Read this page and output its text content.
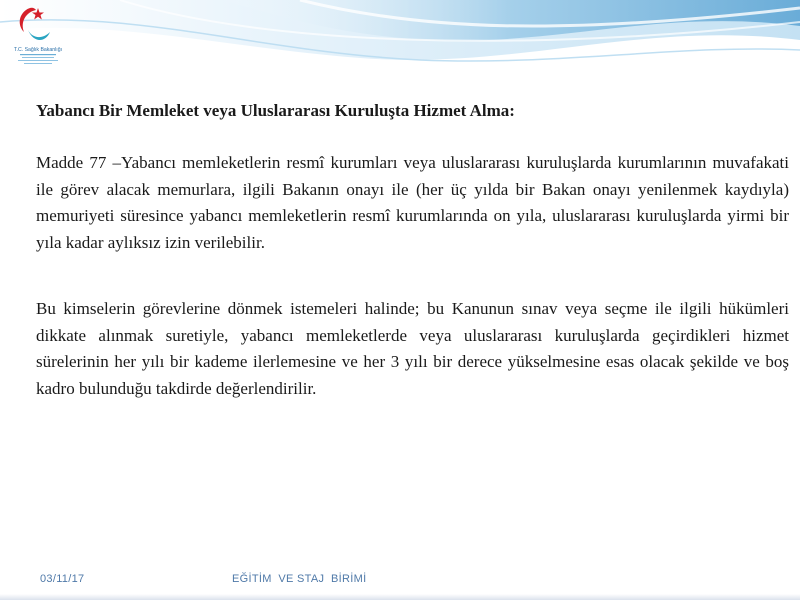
T.C. Sağlık Bakanlığı
Yabancı Bir Memleket veya Uluslararası Kuruluşta Hizmet Alma:

Madde 77 –Yabancı memleketlerin resmî kurumları veya uluslararası kuruluşlarda kurumlarının muvafakati ile görev alacak memurlara, ilgili Bakanın onayı ile (her üç yılda bir Bakan onayı yenilenmek kaydıyla) memuriyeti süresince yabancı memleketlerin resmî kurumlarında on yıla, uluslararası kuruluşlarda yirmi bir yıla kadar aylıksız izin verilebilir.

Bu kimselerin görevlerine dönmek istemeleri halinde; bu Kanunun sınav veya seçme ile ilgili hükümleri dikkate alınmak suretiyle, yabancı memleketlerde veya uluslararası kuruluşlarda geçirdikleri hizmet sürelerinin her yılı bir kademe ilerlemesine ve her 3 yılı bir derece yükselmesine esas olacak şekilde ve boş kadro bulunduğu takdirde değerlendirilir.

03/11/17	EĞİTİM  VE STAJ  BİRİMİ
